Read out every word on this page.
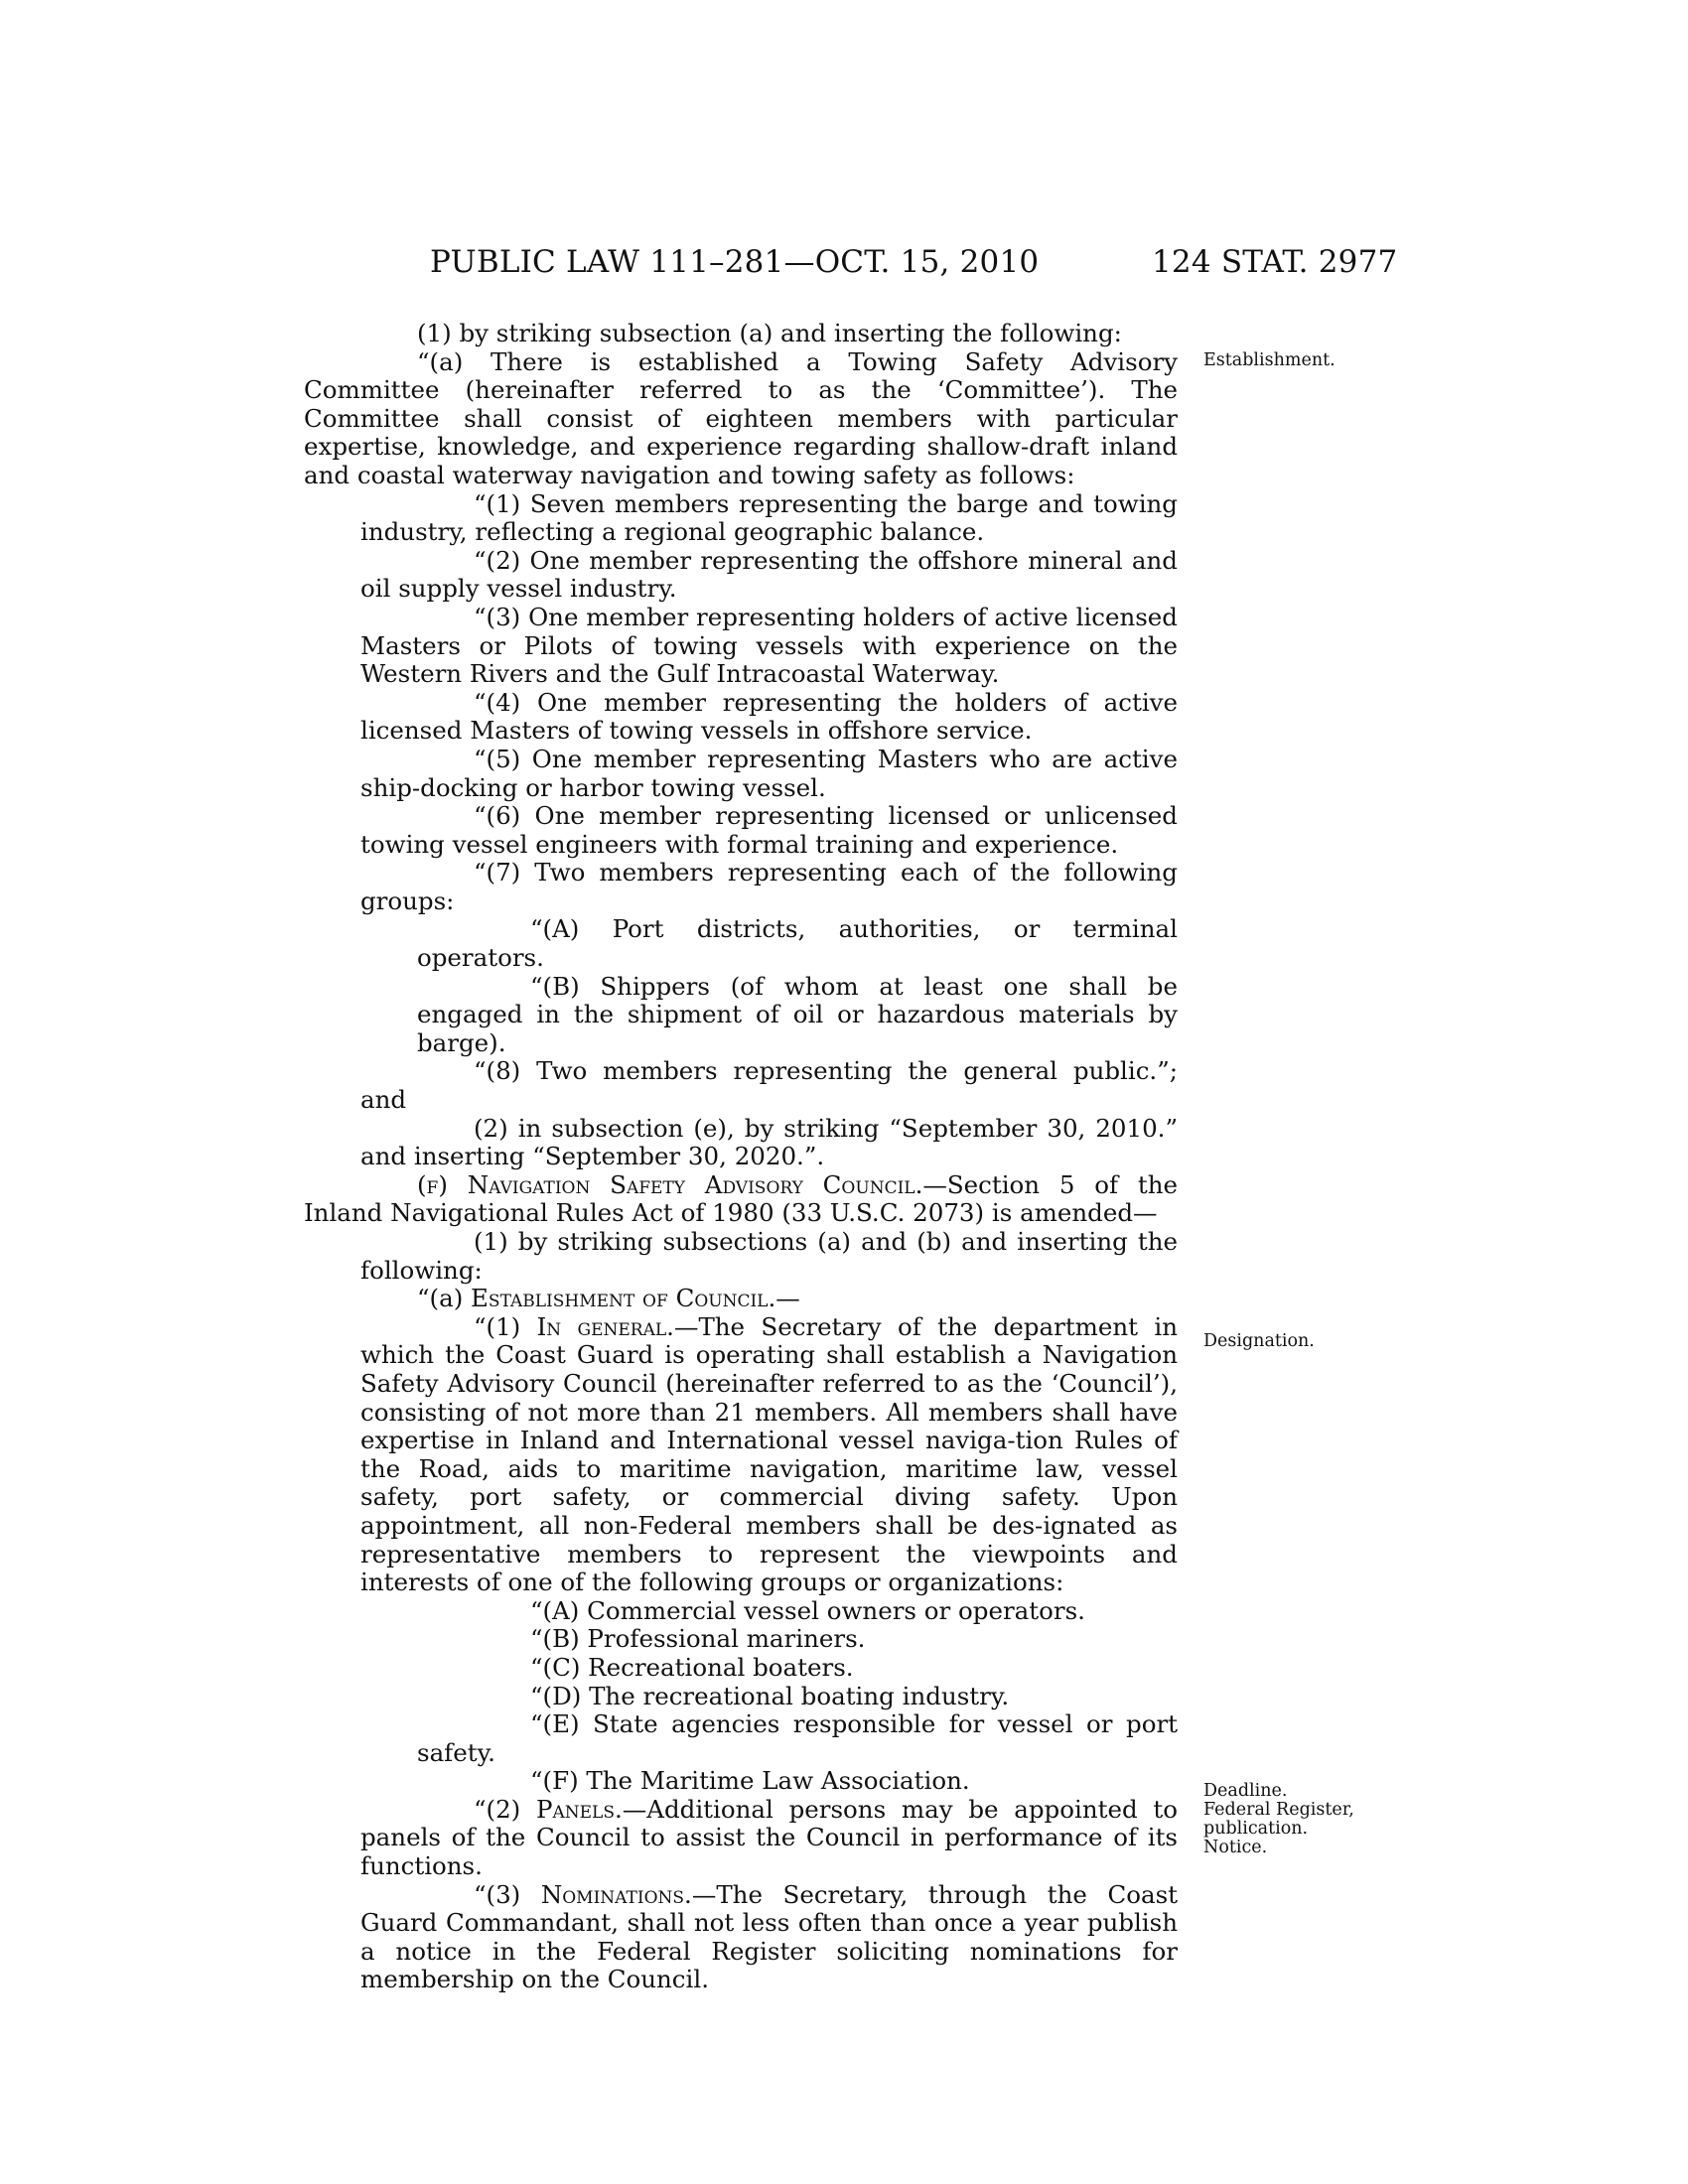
PUBLIC LAW 111–281—OCT. 15, 2010	124 STAT. 2977

(1) by striking subsection (a) and inserting the following:

“(a) There is established a Towing Safety Advisory Committee (hereinafter referred to as the ‘Committee’). The Committee shall consist of eighteen members with particular expertise, knowledge, and experience regarding shallow-draft inland and coastal waterway navigation and towing safety as follows:

“(1) Seven members representing the barge and towing industry, reflecting a regional geographic balance.

“(2) One member representing the offshore mineral and oil supply vessel industry.

“(3) One member representing holders of active licensed Masters or Pilots of towing vessels with experience on the Western Rivers and the Gulf Intracoastal Waterway.

“(4) One member representing the holders of active licensed Masters of towing vessels in offshore service.

“(5) One member representing Masters who are active ship-docking or harbor towing vessel.

“(6) One member representing licensed or unlicensed towing vessel engineers with formal training and experience.

“(7) Two members representing each of the following groups:

“(A) Port districts, authorities, or terminal operators.

“(B) Shippers (of whom at least one shall be engaged in the shipment of oil or hazardous materials by barge).

“(8) Two members representing the general public.”; and

(2) in subsection (e), by striking “September 30, 2010.” and inserting “September 30, 2020.”.

(f) Navigation Safety Advisory Council.—Section 5 of the Inland Navigational Rules Act of 1980 (33 U.S.C. 2073) is amended—

(1) by striking subsections (a) and (b) and inserting the following:

“(a) Establishment of Council.—

“(1) In general.—The Secretary of the department in which the Coast Guard is operating shall establish a Navigation Safety Advisory Council (hereinafter referred to as the ‘Council’), consisting of not more than 21 members. All members shall have expertise in Inland and International vessel naviga-tion Rules of the Road, aids to maritime navigation, maritime law, vessel safety, port safety, or commercial diving safety. Upon appointment, all non-Federal members shall be des-ignated as representative members to represent the viewpoints and interests of one of the following groups or organizations:

“(A) Commercial vessel owners or operators.

“(B) Professional mariners.

“(C) Recreational boaters.

“(D) The recreational boating industry.

“(E) State agencies responsible for vessel or port safety.

“(F) The Maritime Law Association.

“(2) Panels.—Additional persons may be appointed to panels of the Council to assist the Council in performance of its functions.

“(3) Nominations.—The Secretary, through the Coast Guard Commandant, shall not less often than once a year publish a notice in the Federal Register soliciting nominations for membership on the Council.

Establishment.
Designation.
Deadline.
Federal Register,
publication.
Notice.
